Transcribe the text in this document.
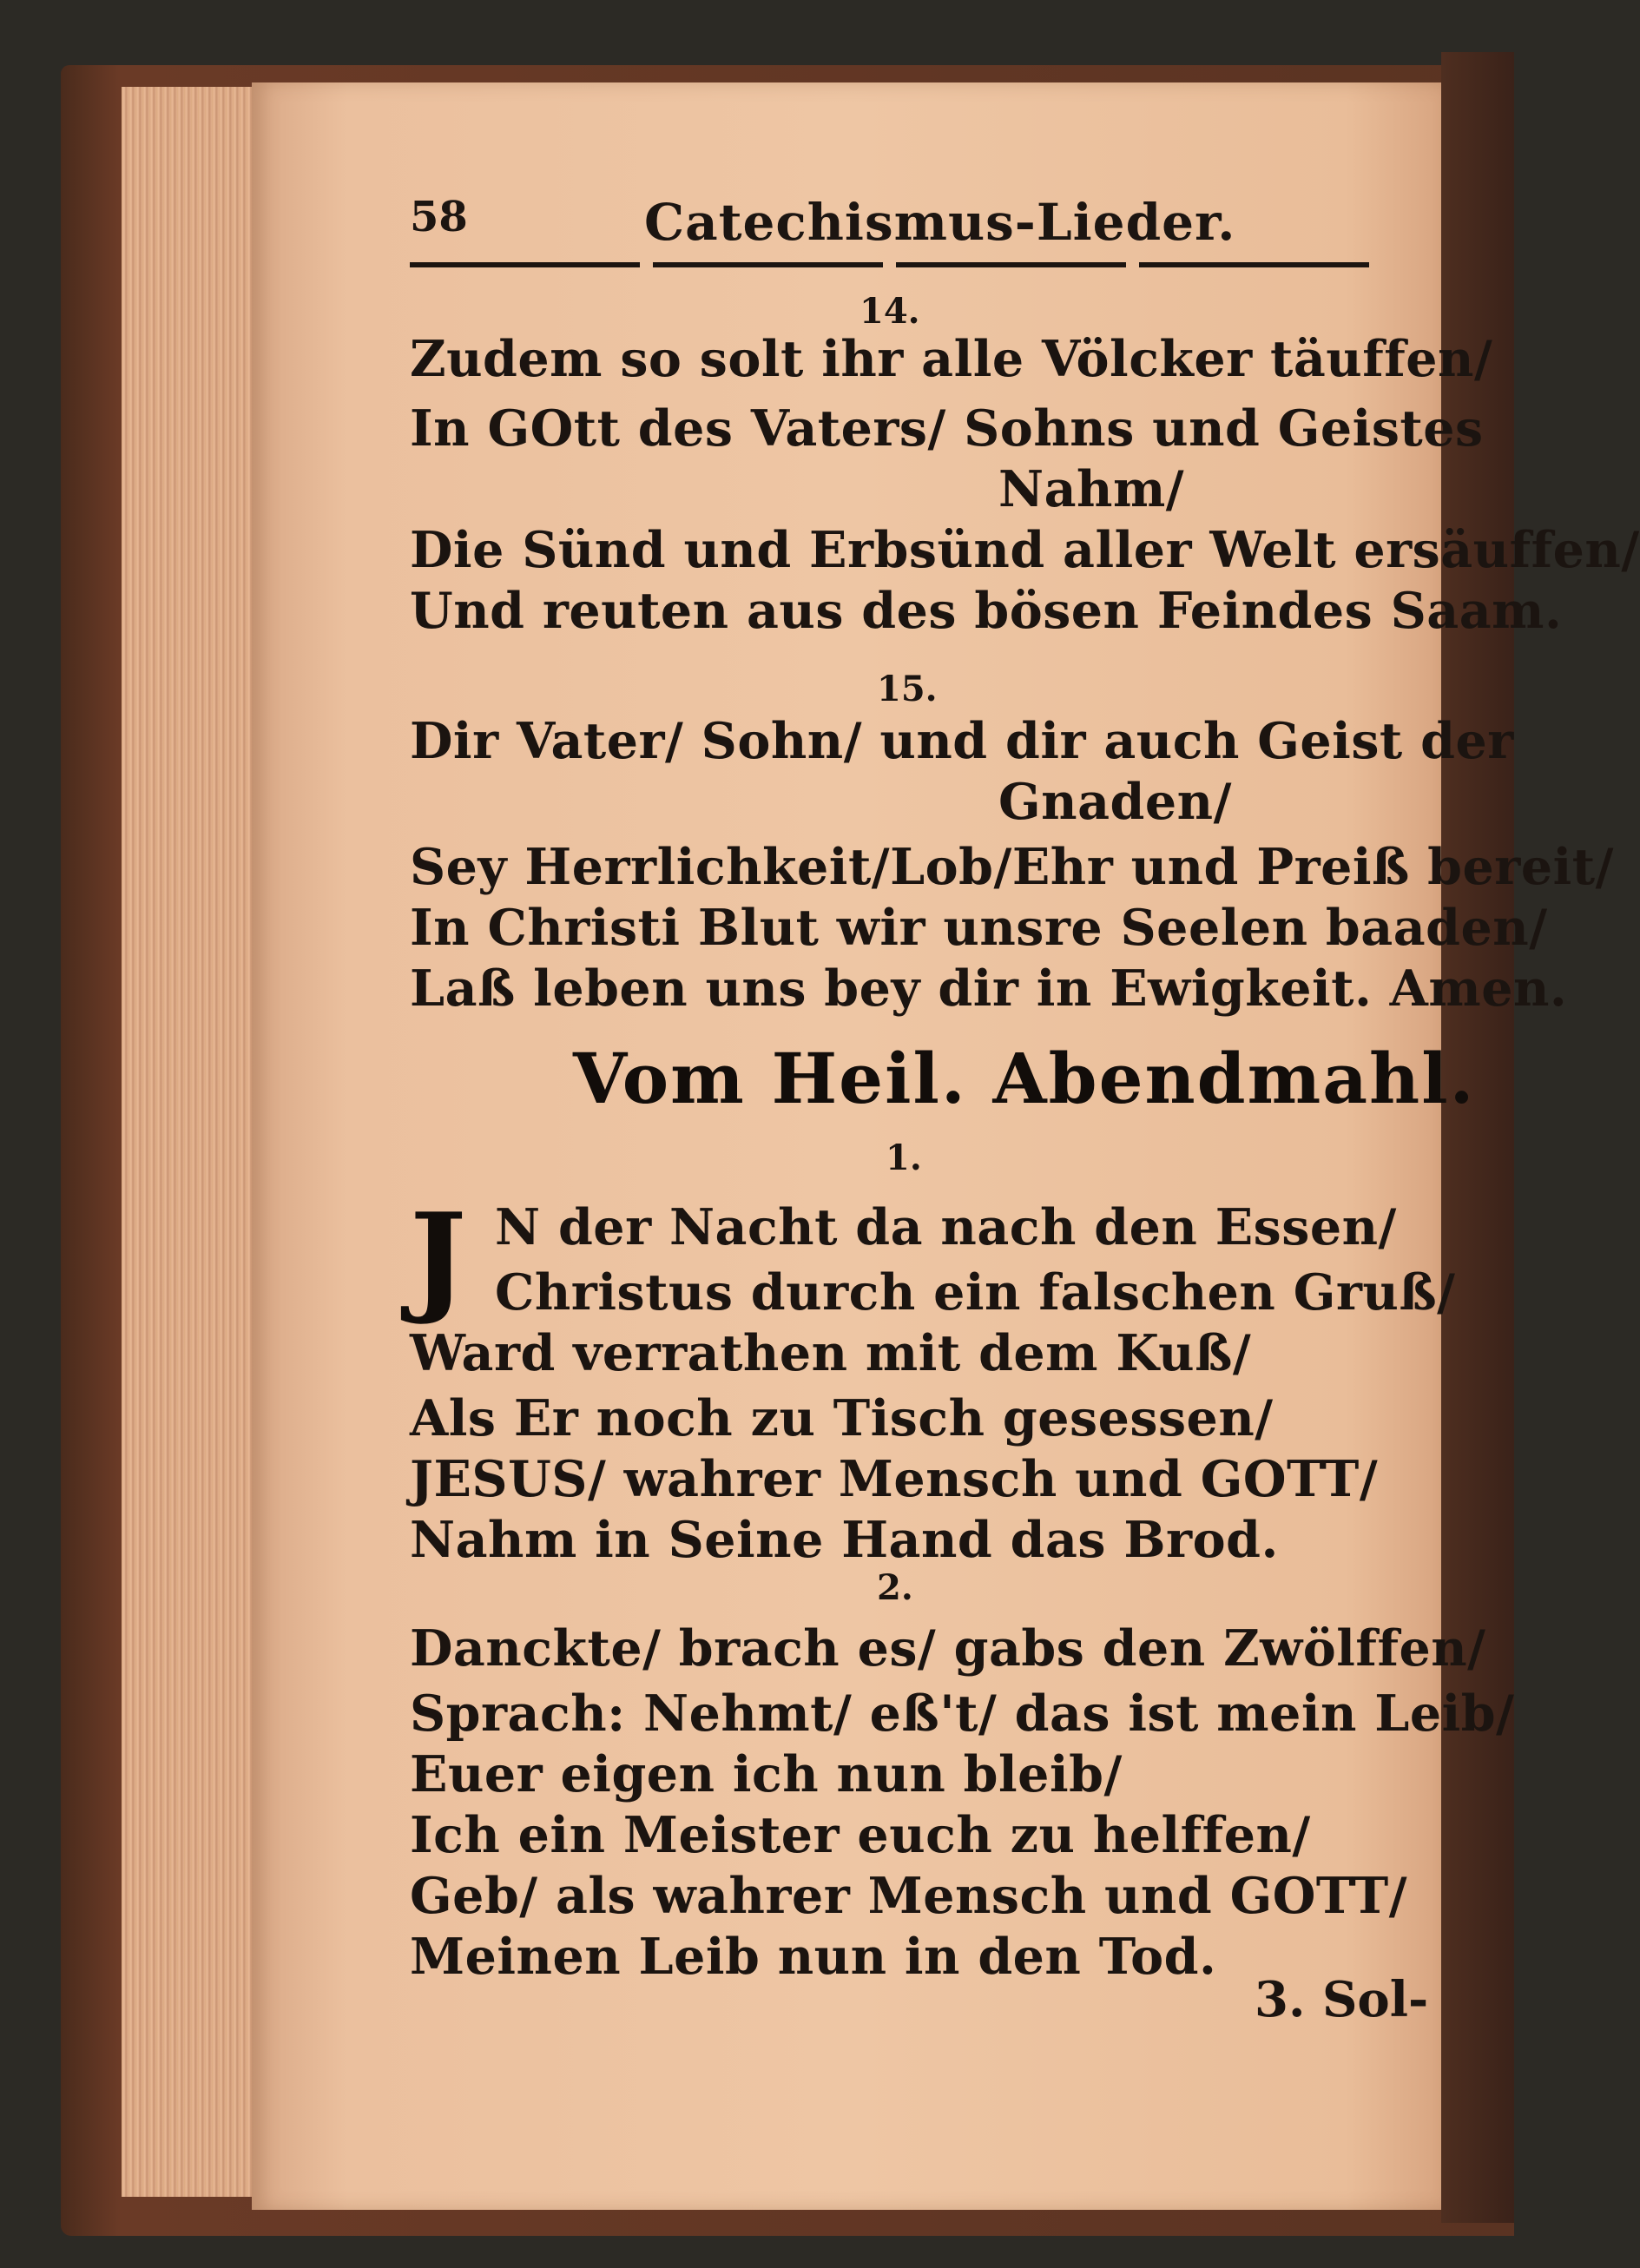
58	Catechismus-Lieder.
14.
Zudem so solt ihr alle Völcker täuffen/
In GOtt des Vaters/ Sohns und Geistes
Nahm/
Die Sünd und Erbsünd aller Welt ersäuffen/
Und reuten aus des bösen Feindes Saam.
15.
Dir Vater/ Sohn/ und dir auch Geist der
Gnaden/
Sey Herrlichkeit/Lob/Ehr und Preiß bereit/
In Christi Blut wir unsre Seelen baaden/
Laß leben uns bey dir in Ewigkeit. Amen.
Vom Heil. Abendmahl.
1.
J N der Nacht da nach den Essen/
Christus durch ein falschen Gruß/
Ward verrathen mit dem Kuß/
Als Er noch zu Tisch gesessen/
JESUS/ wahrer Mensch und GOTT/
Nahm in Seine Hand das Brod.
2.
Danckte/ brach es/ gabs den Zwölffen/
Sprach: Nehmt/ eß't/ das ist mein Leib/
Euer eigen ich nun bleib/
Ich ein Meister euch zu helffen/
Geb/ als wahrer Mensch und GOTT/
Meinen Leib nun in den Tod.
3. Sol-
